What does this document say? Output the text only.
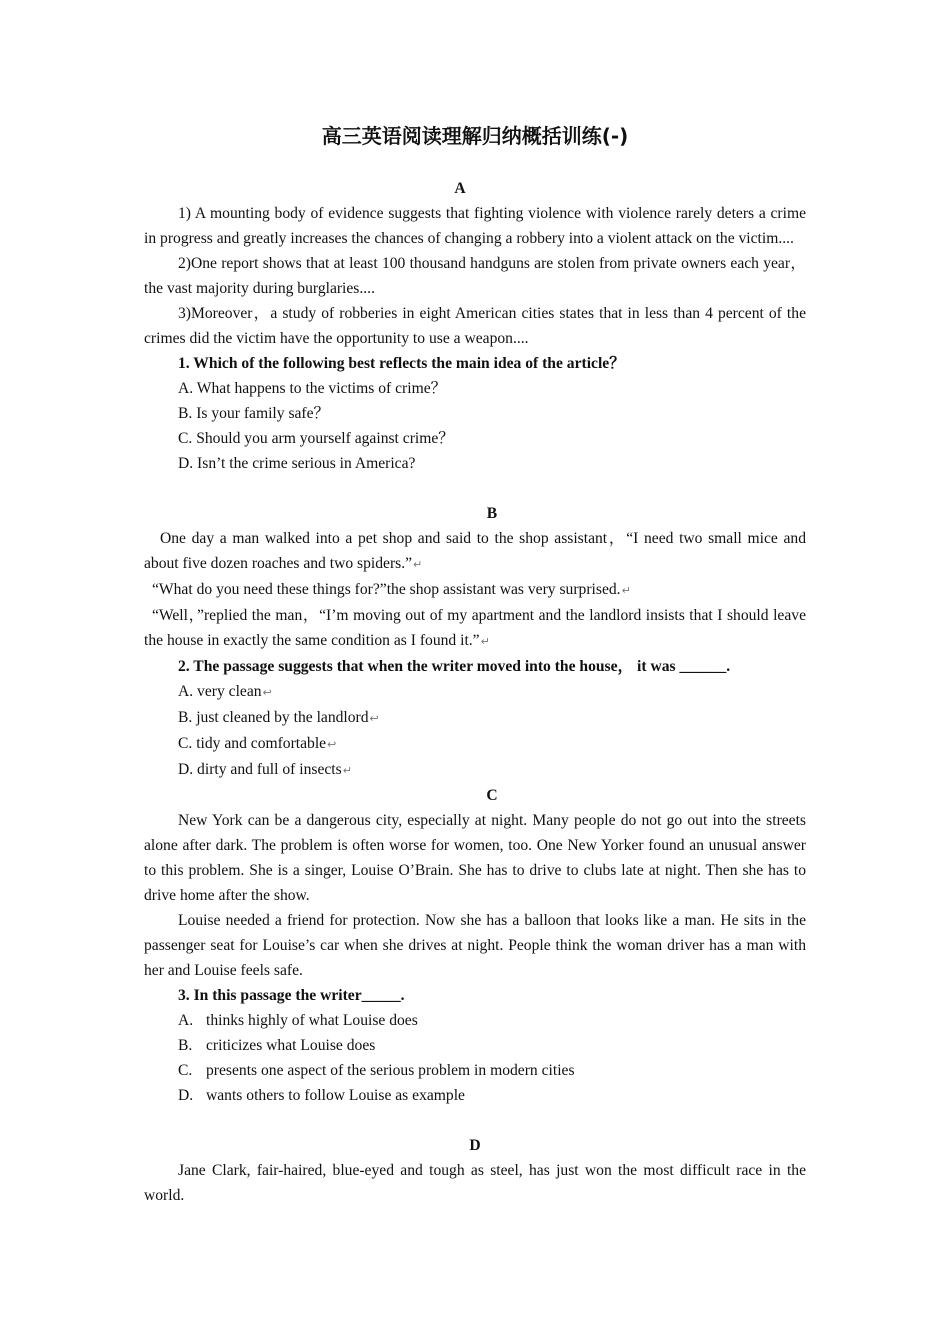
高三英语阅读理解归纳概括训练(-)
A

1) A mounting body of evidence suggests that fighting violence with violence rarely deters a crime in progress and greatly increases the chances of changing a robbery into a violent attack on the victim....

2)One report shows that at least 100 thousand handguns are stolen from private owners each year，the vast majority during burglaries....

3)Moreover，a study of robberies in eight American cities states that in less than 4 percent of the crimes did the victim have the opportunity to use a weapon....

1. Which of the following best reflects the main idea of the article？

A. What happens to the victims of crime？

B. Is your family safe？

C. Should you arm yourself against crime？

D. Isn’t the crime serious in America?

B

One day a man walked into a pet shop and said to the shop assistant，“I need two small mice and about five dozen roaches and two spiders.”↵

“What do you need these things for?”the shop assistant was very surprised.↵

“Well，”replied the man，“I’m moving out of my apartment and the landlord insists that I should leave the house in exactly the same condition as I found it.”↵

2. The passage suggests that when the writer moved into the house， it was ______.

A. very clean↩

B. just cleaned by the landlord↩

C. tidy and comfortable↩

D. dirty and full of insects↵

C

New York can be a dangerous city, especially at night. Many people do not go out into the streets alone after dark. The problem is often worse for women, too. One New Yorker found an unusual answer to this problem. She is a singer, Louise O’Brain. She has to drive to clubs late at night. Then she has to drive home after the show.

Louise needed a friend for protection. Now she has a balloon that looks like a man. He sits in the passenger seat for Louise’s car when she drives at night. People think the woman driver has a man with her and Louise feels safe.

3. In this passage the writer_____.

A. thinks highly of what Louise does

B. criticizes what Louise does

C. presents one aspect of the serious problem in modern cities

D. wants others to follow Louise as example

D

Jane Clark, fair-haired, blue-eyed and tough as steel, has just won the most difficult race in the world.
